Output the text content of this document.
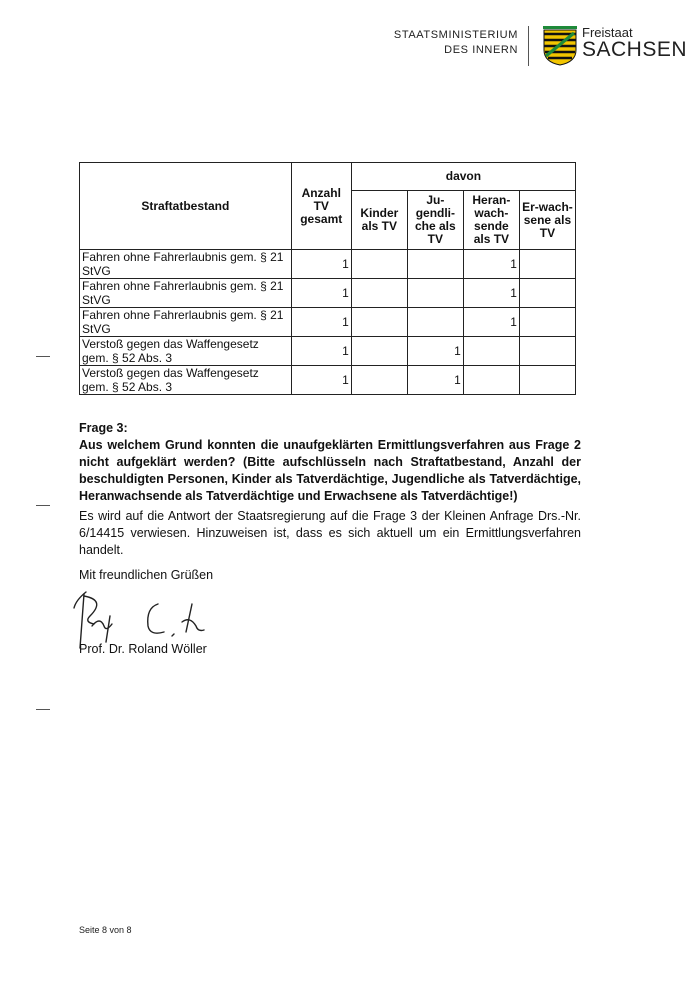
STAATSMINISTERIUM
DES INNERN
Freistaat
SACHSEN
Straftatbestand	Anzahl TV gesamt	davon			
		Kinder als TV	Ju-gendli-che als TV	Heran-wach-sende als TV	Er-wach-sene als TV
Fahren ohne Fahrerlaubnis gem. § 21 StVG	1			1	
Fahren ohne Fahrerlaubnis gem. § 21 StVG	1			1	
Fahren ohne Fahrerlaubnis gem. § 21 StVG	1			1	
Verstoß gegen das Waffengesetz gem. § 52 Abs. 3	1		1		
Verstoß gegen das Waffengesetz gem. § 52 Abs. 3	1		1		
Frage 3:
Aus welchem Grund konnten die unaufgeklärten Ermittlungsverfahren aus Frage 2 nicht aufgeklärt werden? (Bitte aufschlüsseln nach Straftatbestand, Anzahl der beschuldigten Personen, Kinder als Tatverdächtige, Jugendliche als Tatverdächtige, Heranwachsende als Tatverdächtige und Erwachsene als Tatverdächtige!)
Es wird auf die Antwort der Staatsregierung auf die Frage 3 der Kleinen Anfrage Drs.-Nr. 6/14415 verwiesen. Hinzuweisen ist, dass es sich aktuell um ein Ermittlungsverfahren handelt.
Mit freundlichen Grüßen
Prof. Dr. Roland Wöller
Seite 8 von 8
